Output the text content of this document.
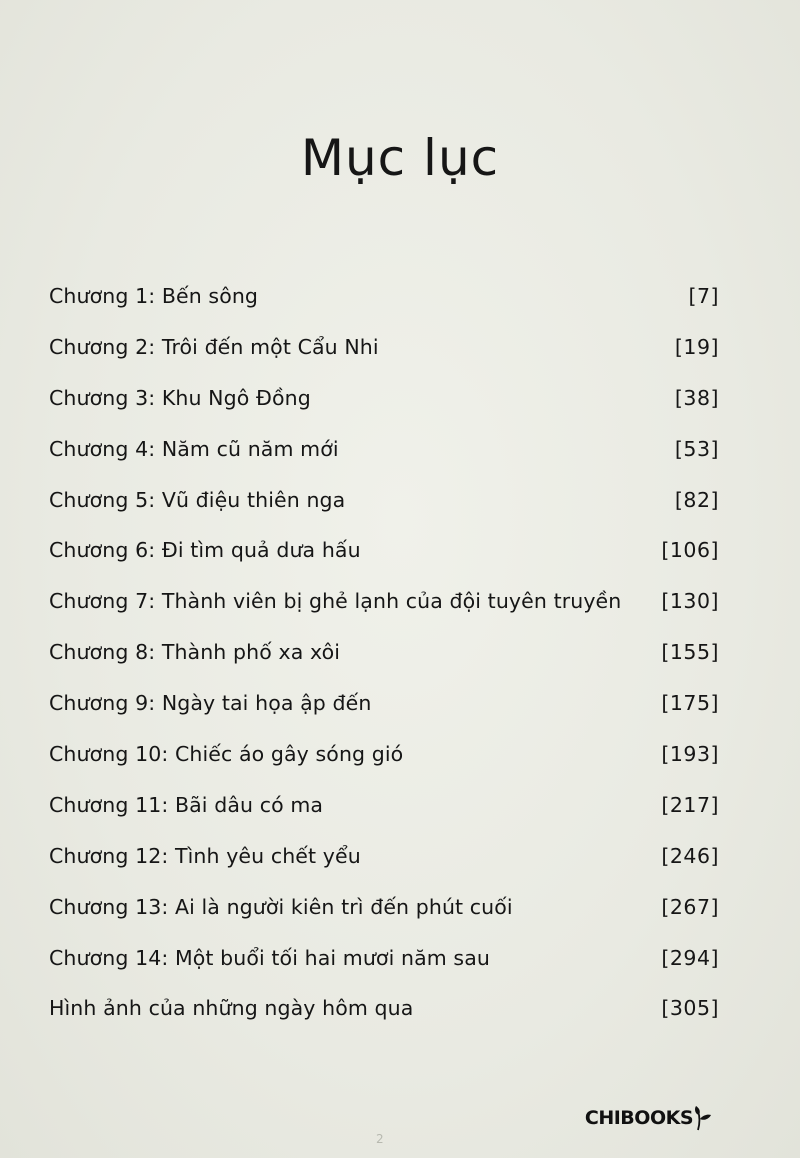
Mục lục
Chương 1: Bến sông	[7]
Chương 2: Trôi đến một Cẩu Nhi	[19]
Chương 3: Khu Ngô Đồng	[38]
Chương 4: Năm cũ năm mới	[53]
Chương 5: Vũ điệu thiên nga	[82]
Chương 6: Đi tìm quả dưa hấu	[106]
Chương 7: Thành viên bị ghẻ lạnh của đội tuyên truyền [130]
Chương 8: Thành phố xa xôi	[155]
Chương 9: Ngày tai họa ập đến	[175]
Chương 10: Chiếc áo gây sóng gió	[193]
Chương 11: Bãi dâu có ma	[217]
Chương 12: Tình yêu chết yểu	[246]
Chương 13: Ai là người kiên trì đến phút cuối	[267]
Chương 14: Một buổi tối hai mươi năm sau	[294]
Hình ảnh của những ngày hôm qua	[305]
2
CHIBOOKS
